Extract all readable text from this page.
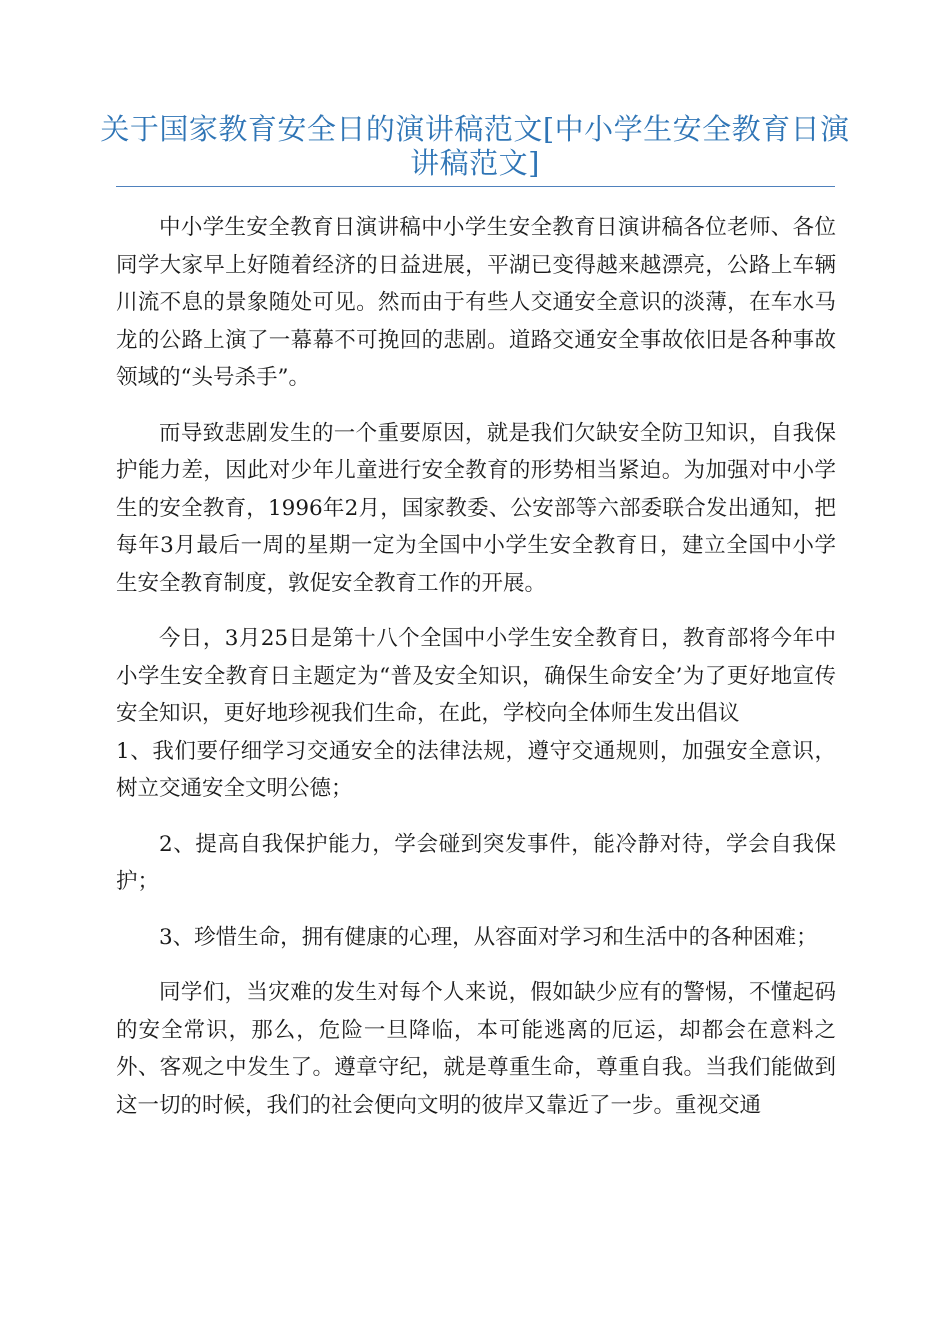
关于国家教育安全日的演讲稿范文[中小学生安全教育日演讲稿范文]

中小学生安全教育日演讲稿中小学生安全教育日演讲稿各位老师、各位同学大家早上好随着经济的日益进展，平湖已变得越来越漂亮，公路上车辆川流不息的景象随处可见。然而由于有些人交通安全意识的淡薄，在车水马龙的公路上演了一幕幕不可挽回的悲剧。道路交通安全事故依旧是各种事故领域的“头号杀手”。

而导致悲剧发生的一个重要原因，就是我们欠缺安全防卫知识，自我保护能力差，因此对少年儿童进行安全教育的形势相当紧迫。为加强对中小学生的安全教育，1996年2月，国家教委、公安部等六部委联合发出通知，把每年3月最后一周的星期一定为全国中小学生安全教育日，建立全国中小学生安全教育制度，敦促安全教育工作的开展。

今日，3月25日是第十八个全国中小学生安全教育日，教育部将今年中小学生安全教育日主题定为“普及安全知识，确保生命安全’为了更好地宣传安全知识，更好地珍视我们生命，在此，学校向全体师生发出倡议

1、我们要仔细学习交通安全的法律法规，遵守交通规则，加强安全意识，树立交通安全文明公德；

2、提高自我保护能力，学会碰到突发事件，能冷静对待，学会自我保护；

3、珍惜生命，拥有健康的心理，从容面对学习和生活中的各种困难；

同学们，当灾难的发生对每个人来说，假如缺少应有的警惕，不懂起码的安全常识，那么，危险一旦降临，本可能逃离的厄运，却都会在意料之外、客观之中发生了。遵章守纪，就是尊重生命，尊重自我。当我们能做到这一切的时候，我们的社会便向文明的彼岸又靠近了一步。重视交通
